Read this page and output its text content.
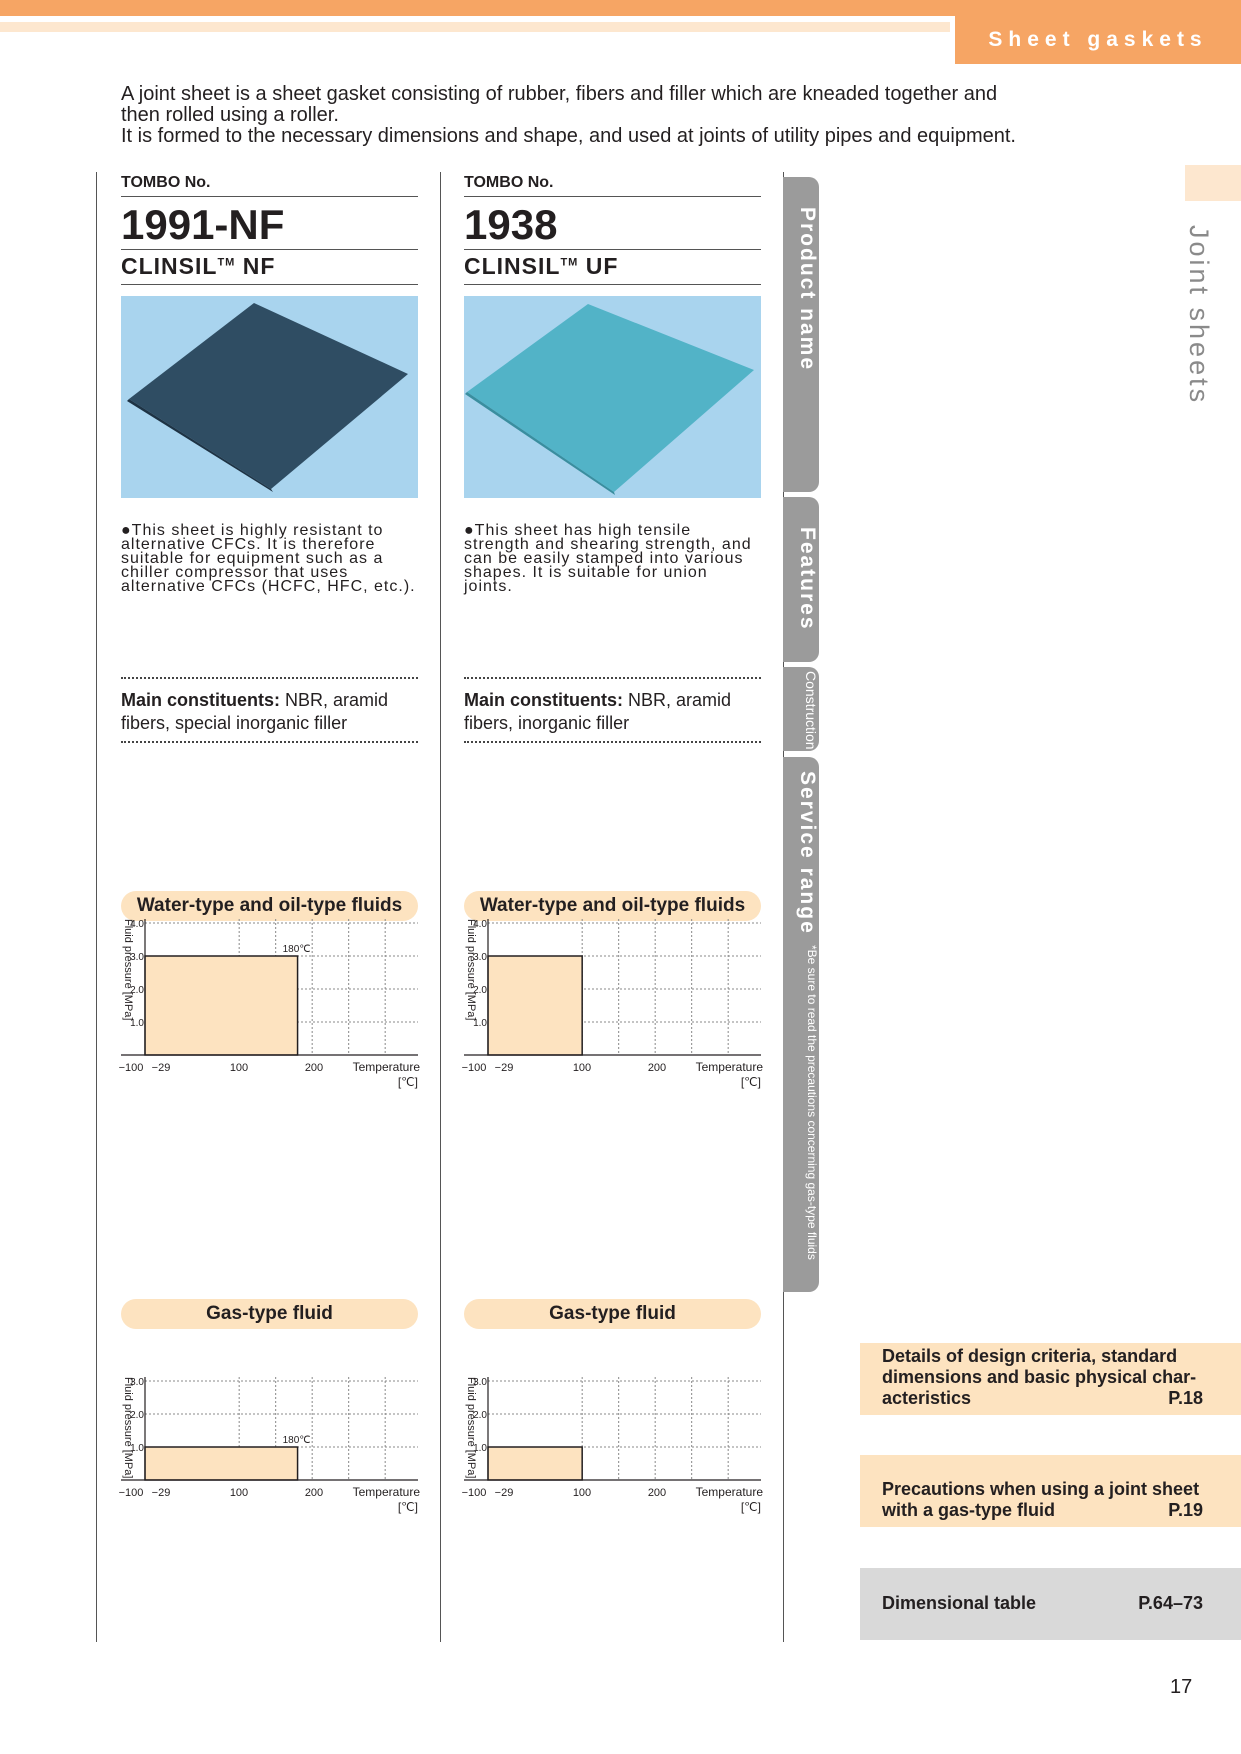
Sheet gaskets
Joint sheets
A joint sheet is a sheet gasket consisting of rubber, fibers and filler which are kneaded together and
then rolled using a roller.
It is formed to the necessary dimensions and shape, and used at joints of utility pipes and equipment.
TOMBO No.
1991-NF
CLINSIL™ NF
●This sheet is highly resistant to alternative CFCs. It is therefore suitable for equipment such as a chiller compressor that uses alternative CFCs (HCFC, HFC, etc.).
Main constituents: NBR, aramid fibers, special inorganic filler
Water-type and oil-type fluids
1.0
2.0
3.0
4.0
−100 −29	100	200 Temperature
[℃]
Fluid pressure [MPa]	180℃
Gas-type fluid
1.0
2.0
3.0
−100 −29	100	200 Temperature
[℃]
Fluid pressure [MPa]	180℃
TOMBO No.
1938
CLINSIL™ UF
●This sheet has high tensile strength and shearing strength, and can be easily stamped into various shapes. It is suitable for union joints.
Main constituents: NBR, aramid fibers, inorganic filler
Water-type and oil-type fluids
1.0
2.0
3.0
4.0
−100 −29	100	200 Temperature
[℃]
Fluid pressure [MPa]
Gas-type fluid
1.0
2.0
3.0
−100 −29	100	200 Temperature
[℃]
Fluid pressure [MPa]
Product name
Features
Construction
Service range
*Be sure to read the precautions concerning gas-type fluids
Details of design criteria, standard dimensions and basic physical char-acteristics	P.18
Precautions when using a joint sheet with a gas-type fluid	P.19
Dimensional table	P.64–73
17
